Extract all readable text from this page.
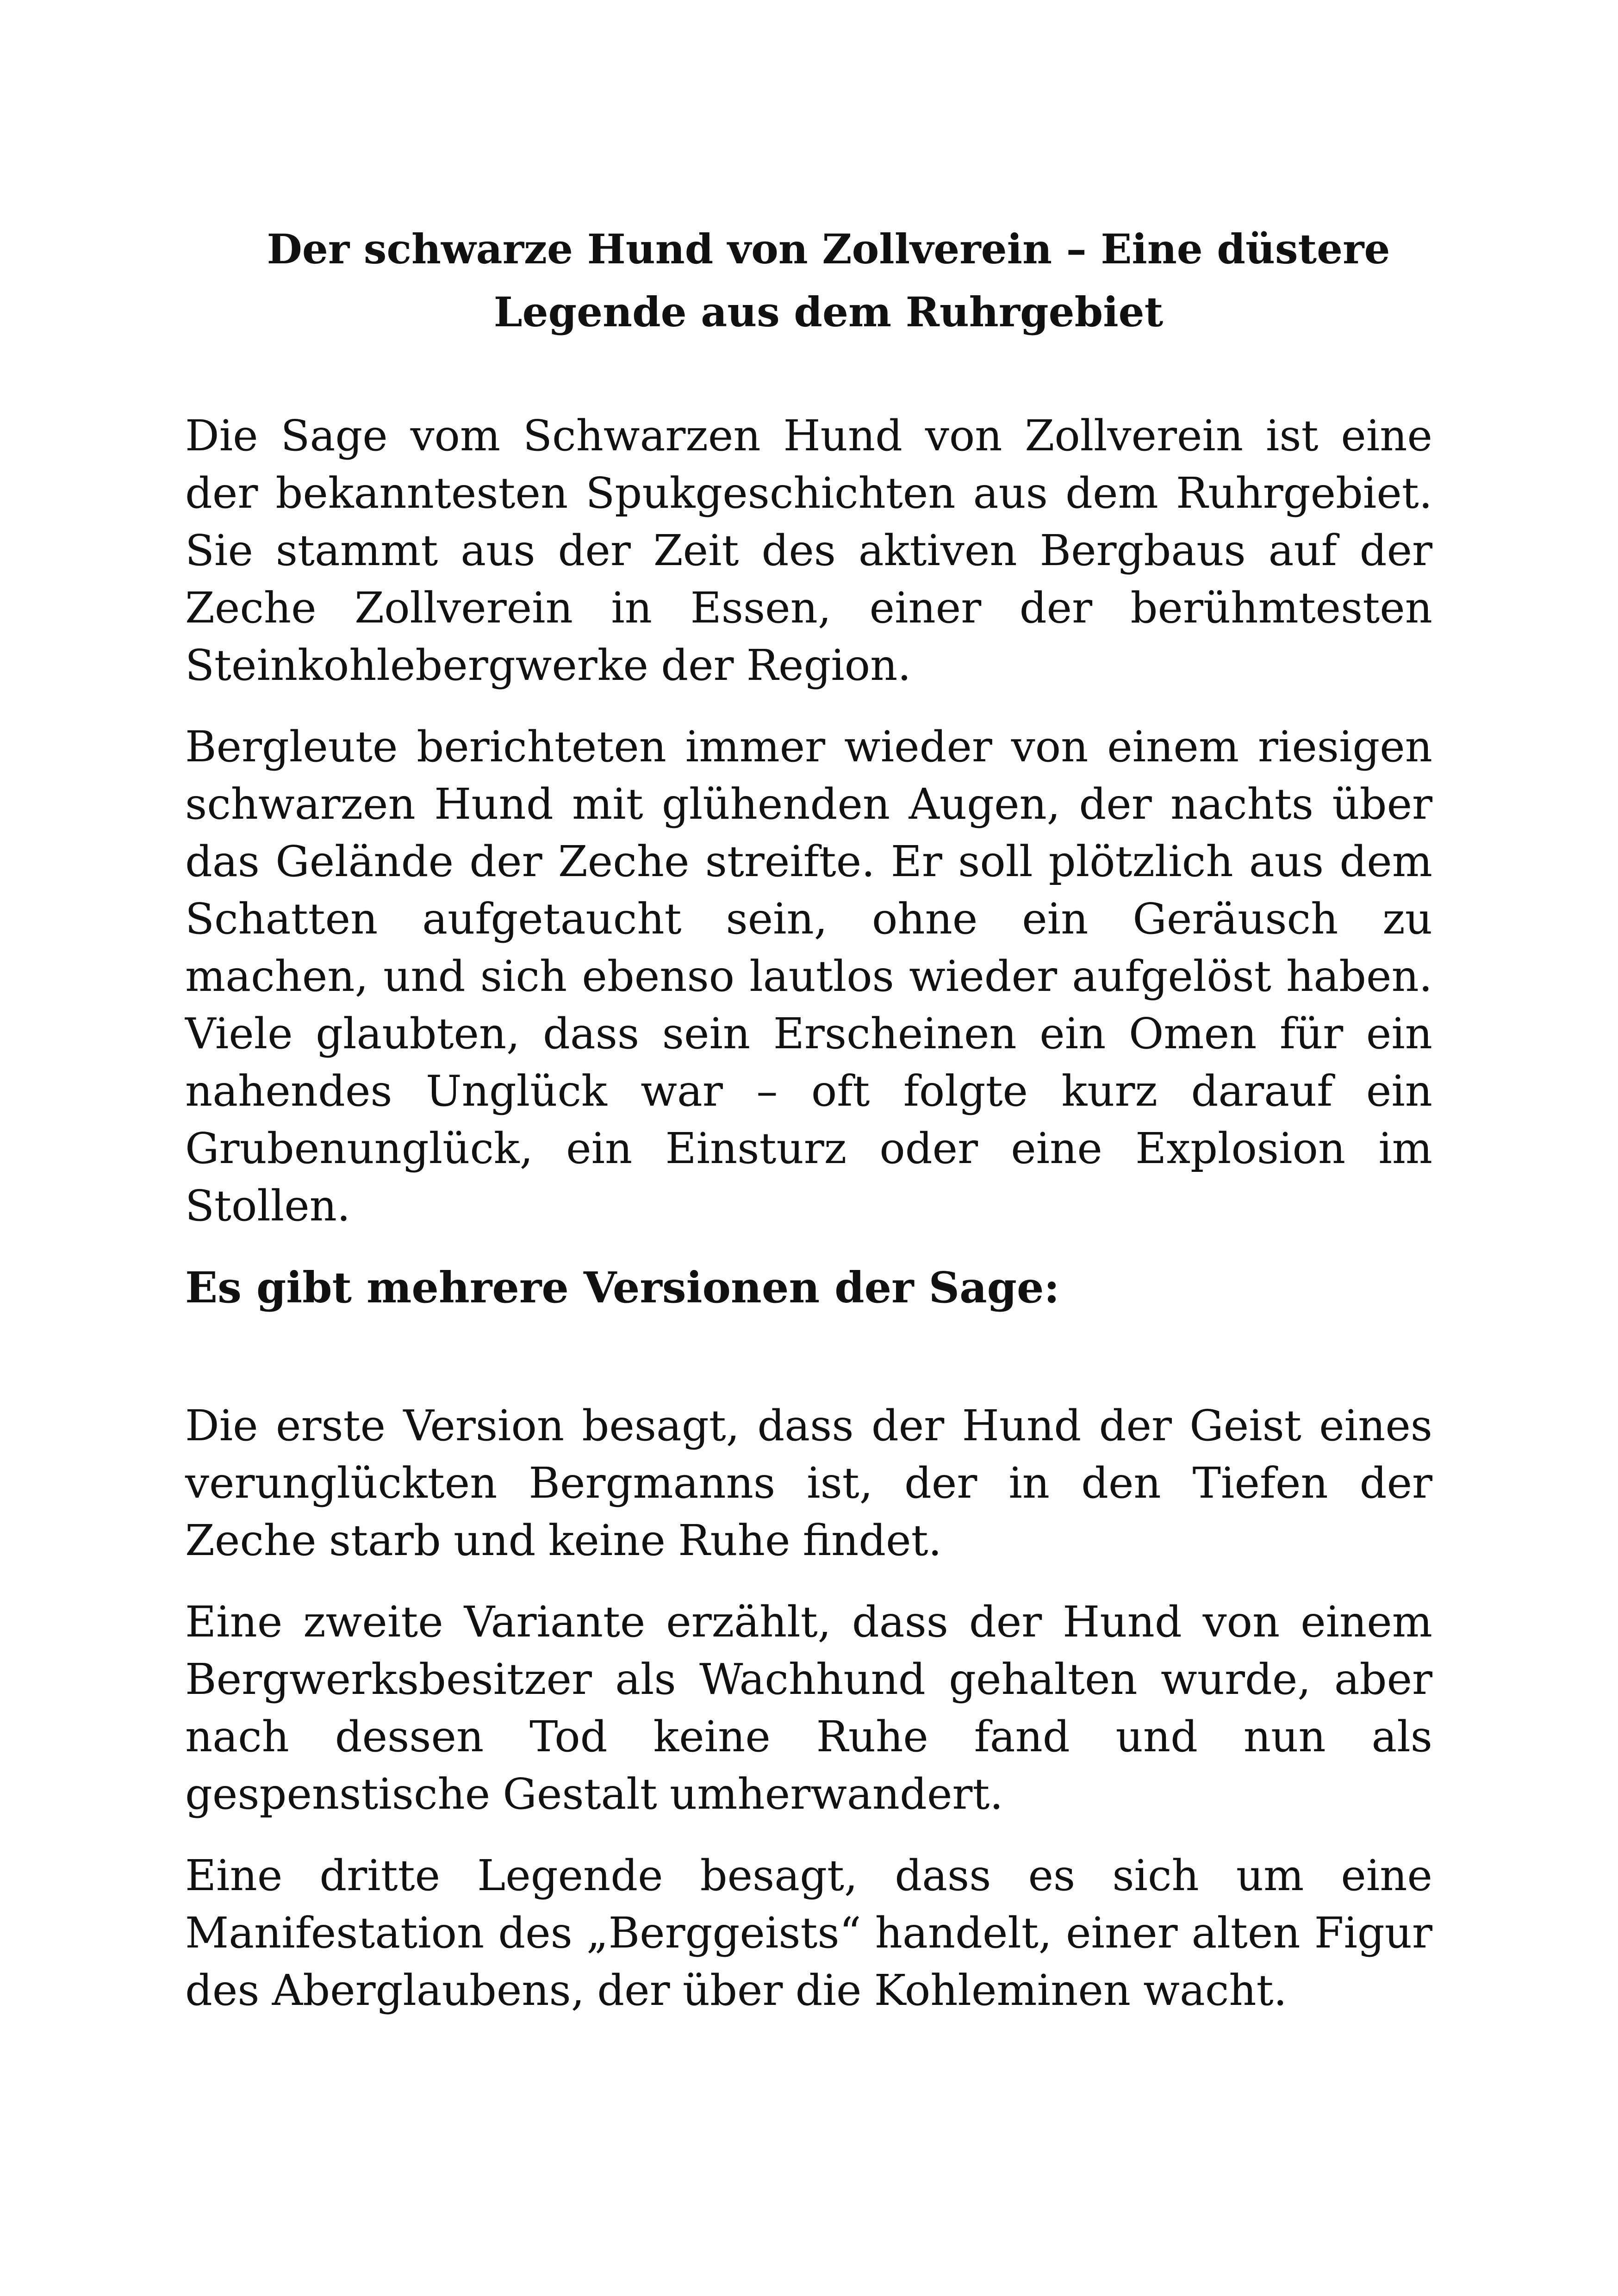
Der schwarze Hund von Zollverein – Eine düstere Legende aus dem Ruhrgebiet

Die Sage vom Schwarzen Hund von Zollverein ist eine der bekanntesten Spukgeschichten aus dem Ruhrgebiet. Sie stammt aus der Zeit des aktiven Bergbaus auf der Zeche Zollverein in Essen, einer der berühmtesten Steinkohlebergwerke der Region.

Bergleute berichteten immer wieder von einem riesigen schwarzen Hund mit glühenden Augen, der nachts über das Gelände der Zeche streifte. Er soll plötzlich aus dem Schatten aufgetaucht sein, ohne ein Geräusch zu machen, und sich ebenso lautlos wieder aufgelöst haben. Viele glaubten, dass sein Erscheinen ein Omen für ein nahendes Unglück war – oft folgte kurz darauf ein Grubenunglück, ein Einsturz oder eine Explosion im Stollen.

Es gibt mehrere Versionen der Sage:

Die erste Version besagt, dass der Hund der Geist eines verunglückten Bergmanns ist, der in den Tiefen der Zeche starb und keine Ruhe findet.

Eine zweite Variante erzählt, dass der Hund von einem Bergwerksbesitzer als Wachhund gehalten wurde, aber nach dessen Tod keine Ruhe fand und nun als gespenstische Gestalt umherwandert.

Eine dritte Legende besagt, dass es sich um eine Manifestation des „Berggeists“ handelt, einer alten Figur des Aberglaubens, der über die Kohleminen wacht.
